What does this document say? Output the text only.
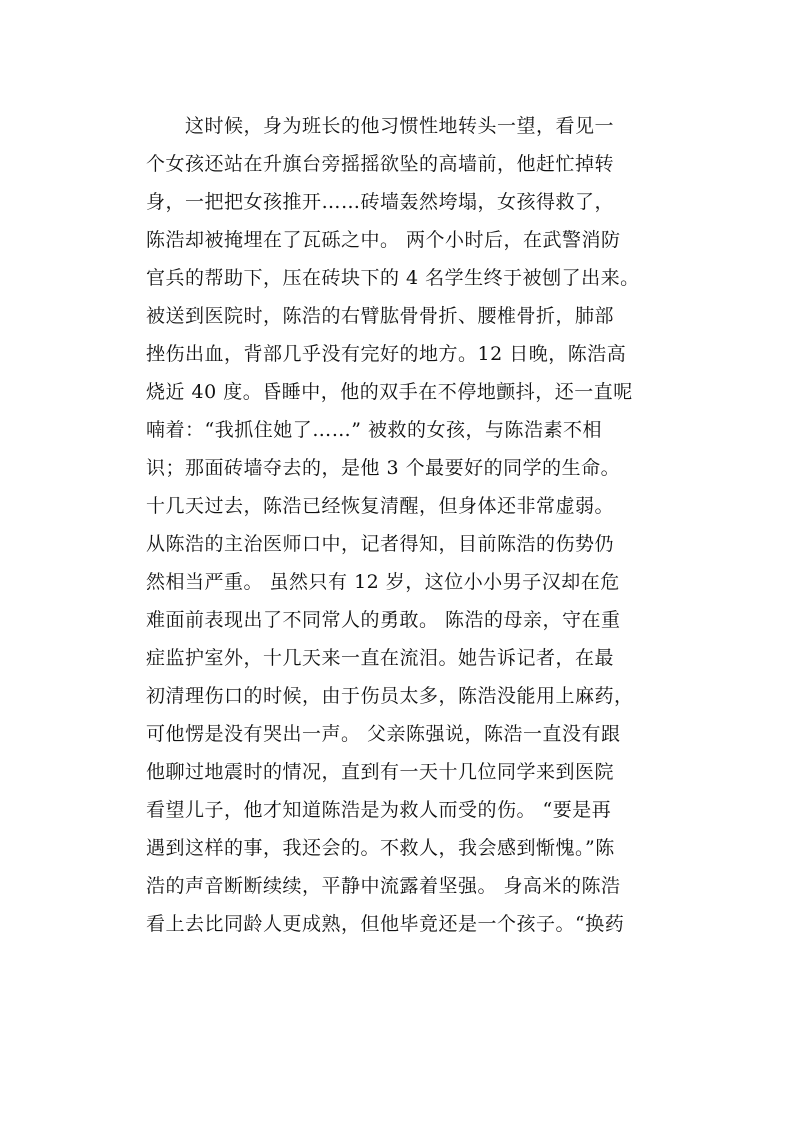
这时候，身为班长的他习惯性地转头一望，看见一
个女孩还站在升旗台旁摇摇欲坠的高墙前，他赶忙掉转
身，一把把女孩推开……砖墙轰然垮塌，女孩得救了，
陈浩却被掩埋在了瓦砾之中。 两个小时后，在武警消防
官兵的帮助下，压在砖块下的 4 名学生终于被刨了出来。
被送到医院时，陈浩的右臂肱骨骨折、腰椎骨折，肺部
挫伤出血，背部几乎没有完好的地方。12 日晚，陈浩高
烧近 40 度。昏睡中，他的双手在不停地颤抖，还一直呢
喃着：“我抓住她了……” 被救的女孩，与陈浩素不相
识；那面砖墙夺去的，是他 3 个最要好的同学的生命。
十几天过去，陈浩已经恢复清醒，但身体还非常虚弱。
从陈浩的主治医师口中，记者得知，目前陈浩的伤势仍
然相当严重。 虽然只有 12 岁，这位小小男子汉却在危
难面前表现出了不同常人的勇敢。 陈浩的母亲，守在重
症监护室外，十几天来一直在流泪。她告诉记者，在最
初清理伤口的时候，由于伤员太多，陈浩没能用上麻药，
可他愣是没有哭出一声。 父亲陈强说，陈浩一直没有跟
他聊过地震时的情况，直到有一天十几位同学来到医院
看望儿子，他才知道陈浩是为救人而受的伤。 “要是再
遇到这样的事，我还会的。不救人，我会感到惭愧。”陈
浩的声音断断续续，平静中流露着坚强。 身高米的陈浩
看上去比同龄人更成熟，但他毕竟还是一个孩子。“换药
